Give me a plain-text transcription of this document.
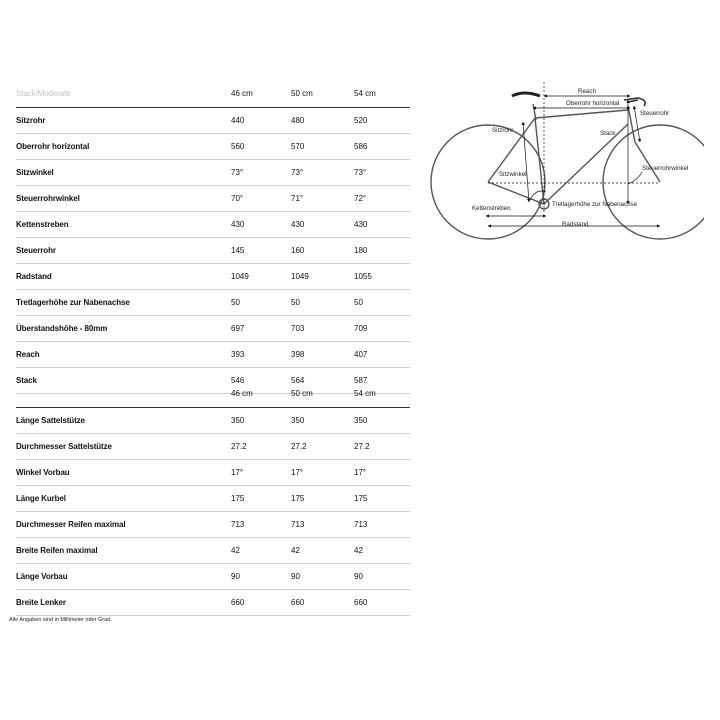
Stack/Moderate	46 cm	50 cm	54 cm
Sitzrohr	440	480	520
Oberrohr horizontal	560	570	586
Sitzwinkel	73°	73°	73°
Steuerrohrwinkel	70°	71°	72°
Kettenstreben	430	430	430
Steuerrohr	145	160	180
Radstand	1049	1049	1055
Tretlagerhöhe zur Nabenachse	50	50	50
Überstandshöhe - 80mm	697	703	709
Reach	393	398	407
Stack	546	564	587
46 cm	50 cm	54 cm
Länge Sattelstütze	350	350	350
Durchmesser Sattelstütze	27.2	27.2	27.2
Winkel Vorbau	17°	17°	17°
Länge Kurbel	175	175	175
Durchmesser Reifen maximal	713	713	713
Breite Reifen maximal	42	42	42
Länge Vorbau	90	90	90
Breite Lenker	660	660	660
Alle Angaben sind in Millimeter oder Grad.
Reach
Oberrohr horizontal
Steuerrohr
Sitzrohr	Stack
Steuerrohrwinkel
Sitzwinkel
Kettenstreben
Tretlagerhöhe zur Nabenachse
Radstand
